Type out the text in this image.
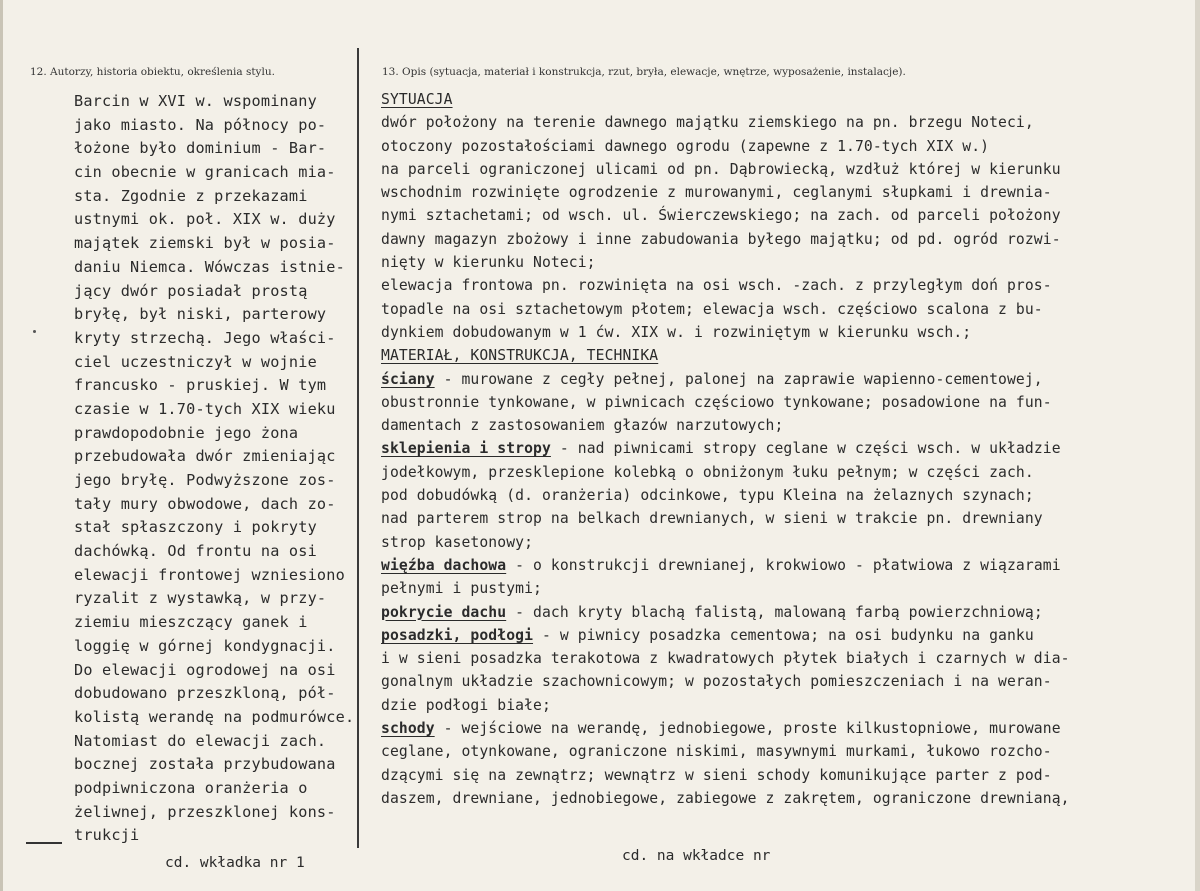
12. Autorzy, historia obiektu, określenia stylu.	13. Opis (sytuacja, materiał i konstrukcja, rzut, bryła, elewacje, wnętrze, wyposażenie, instalacje).
Barcin w XVI w. wspominany
jako miasto. Na północy po-
łożone było dominium - Bar-
cin obecnie w granicach mia-
sta. Zgodnie z przekazami
ustnymi ok. poł. XIX w. duży
majątek ziemski był w posia-
daniu Niemca. Wówczas istnie-
jący dwór posiadał prostą
bryłę, był niski, parterowy
kryty strzechą. Jego właści-
ciel uczestniczył w wojnie
francusko - pruskiej. W tym
czasie w 1.70-tych XIX wieku
prawdopodobnie jego żona
przebudowała dwór zmieniając
jego bryłę. Podwyższone zos-
tały mury obwodowe, dach zo-
stał spłaszczony i pokryty
dachówką. Od frontu na osi
elewacji frontowej wzniesiono
ryzalit z wystawką, w przy-
ziemiu mieszczący ganek i
loggię w górnej kondygnacji.
Do elewacji ogrodowej na osi
dobudowano przeszkloną, pół-
kolistą werandę na podmurówce.
Natomiast do elewacji zach.
bocznej została przybudowana
podpiwniczona oranżeria o
żeliwnej, przeszklonej kons-
trukcji
SYTUACJA
dwór położony na terenie dawnego majątku ziemskiego na pn. brzegu Noteci,
otoczony pozostałościami dawnego ogrodu (zapewne z 1.70-tych XIX w.)
na parceli ograniczonej ulicami od pn. Dąbrowiecką, wzdłuż której w kierunku
wschodnim rozwinięte ogrodzenie z murowanymi, ceglanymi słupkami i drewnia-
nymi sztachetami; od wsch. ul. Świerczewskiego; na zach. od parceli położony
dawny magazyn zbożowy i inne zabudowania byłego majątku; od pd. ogród rozwi-
nięty w kierunku Noteci;
elewacja frontowa pn. rozwinięta na osi wsch. -zach. z przyległym doń pros-
topadle na osi sztachetowym płotem; elewacja wsch. częściowo scalona z bu-
dynkiem dobudowanym w 1 ćw. XIX w. i rozwiniętym w kierunku wsch.;
MATERIAŁ, KONSTRUKCJA, TECHNIKA
ściany - murowane z cegły pełnej, palonej na zaprawie wapienno-cementowej,
obustronnie tynkowane, w piwnicach częściowo tynkowane; posadowione na fun-
damentach z zastosowaniem głazów narzutowych;
sklepienia i stropy - nad piwnicami stropy ceglane w części wsch. w układzie
jodełkowym, przesklepione kolebką o obniżonym łuku pełnym; w części zach.
pod dobudówką (d. oranżeria) odcinkowe, typu Kleina na żelaznych szynach;
nad parterem strop na belkach drewnianych, w sieni w trakcie pn. drewniany
strop kasetonowy;
więźba dachowa - o konstrukcji drewnianej, krokwiowo - płatwiowa z wiązarami
pełnymi i pustymi;
pokrycie dachu - dach kryty blachą falistą, malowaną farbą powierzchniową;
posadzki, podłogi - w piwnicy posadzka cementowa; na osi budynku na ganku
i w sieni posadzka terakotowa z kwadratowych płytek białych i czarnych w dia-
gonalnym układzie szachownicowym; w pozostałych pomieszczeniach i na weran-
dzie podłogi białe;
schody - wejściowe na werandę, jednobiegowe, proste kilkustopniowe, murowane
ceglane, otynkowane, ograniczone niskimi, masywnymi murkami, łukowo rozcho-
dzącymi się na zewnątrz; wewnątrz w sieni schody komunikujące parter z pod-
daszem, drewniane, jednobiegowe, zabiegowe z zakrętem, ograniczone drewnianą,
cd. wkładka nr 1	cd. na wkładce nr
